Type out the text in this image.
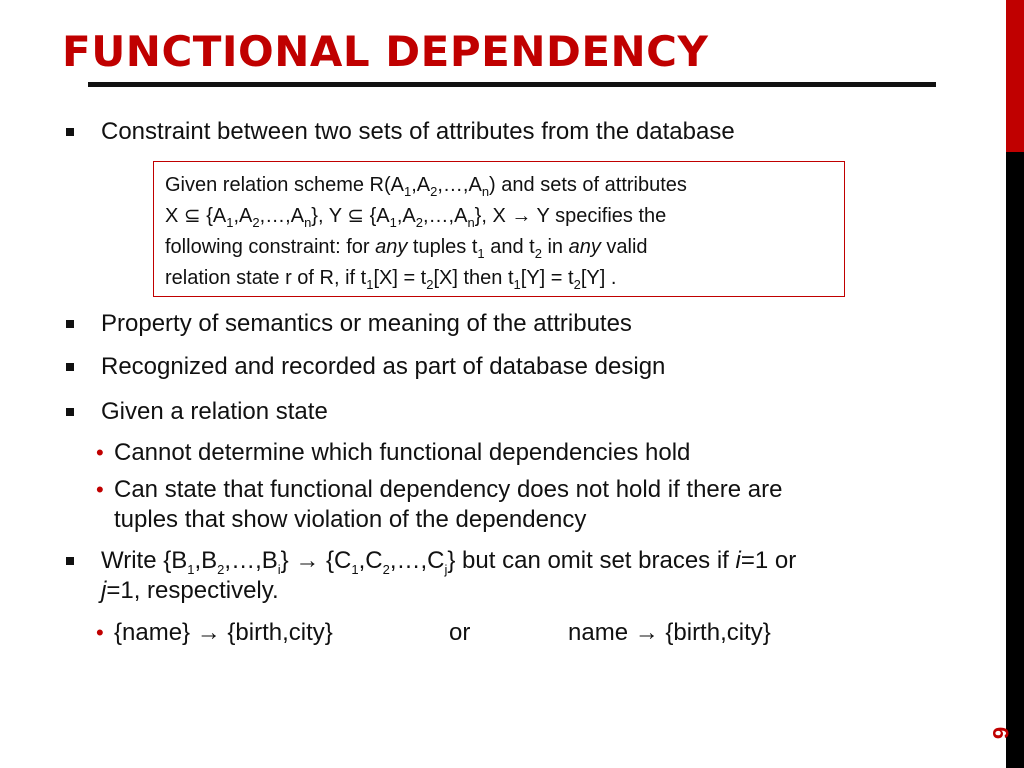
FUNCTIONAL DEPENDENCY
6
Constraint between two sets of attributes from the database
Given relation scheme $R(A_1,A_2,\dots,A_n)$ and sets of attributes
X ⊆ $\{A_1,A_2,\dots,A_n\}$, Y ⊆ $\{A_1,A_2,\dots,A_n\}$, X → Y specifies the
following constraint: for any tuples $t_1$ and $t_2$ in any valid
relation state r of R, if $t_1[X] = t_2[X]$ then $t_1[Y] = t_2[Y]$ .
Property of semantics or meaning of the attributes
Recognized and recorded as part of database design
Given a relation state
• Cannot determine which functional dependencies hold
• Can state that functional dependency does not hold if there are
tuples that show violation of the dependency
Write $\{B_1,B_2,\dots,B_i\}$ → $\{C_1,C_2,\dots,C_j\}$ but can omit set braces if i=1 or
j=1, respectively.
• {name} → {birth,city}	or	name → {birth,city}
